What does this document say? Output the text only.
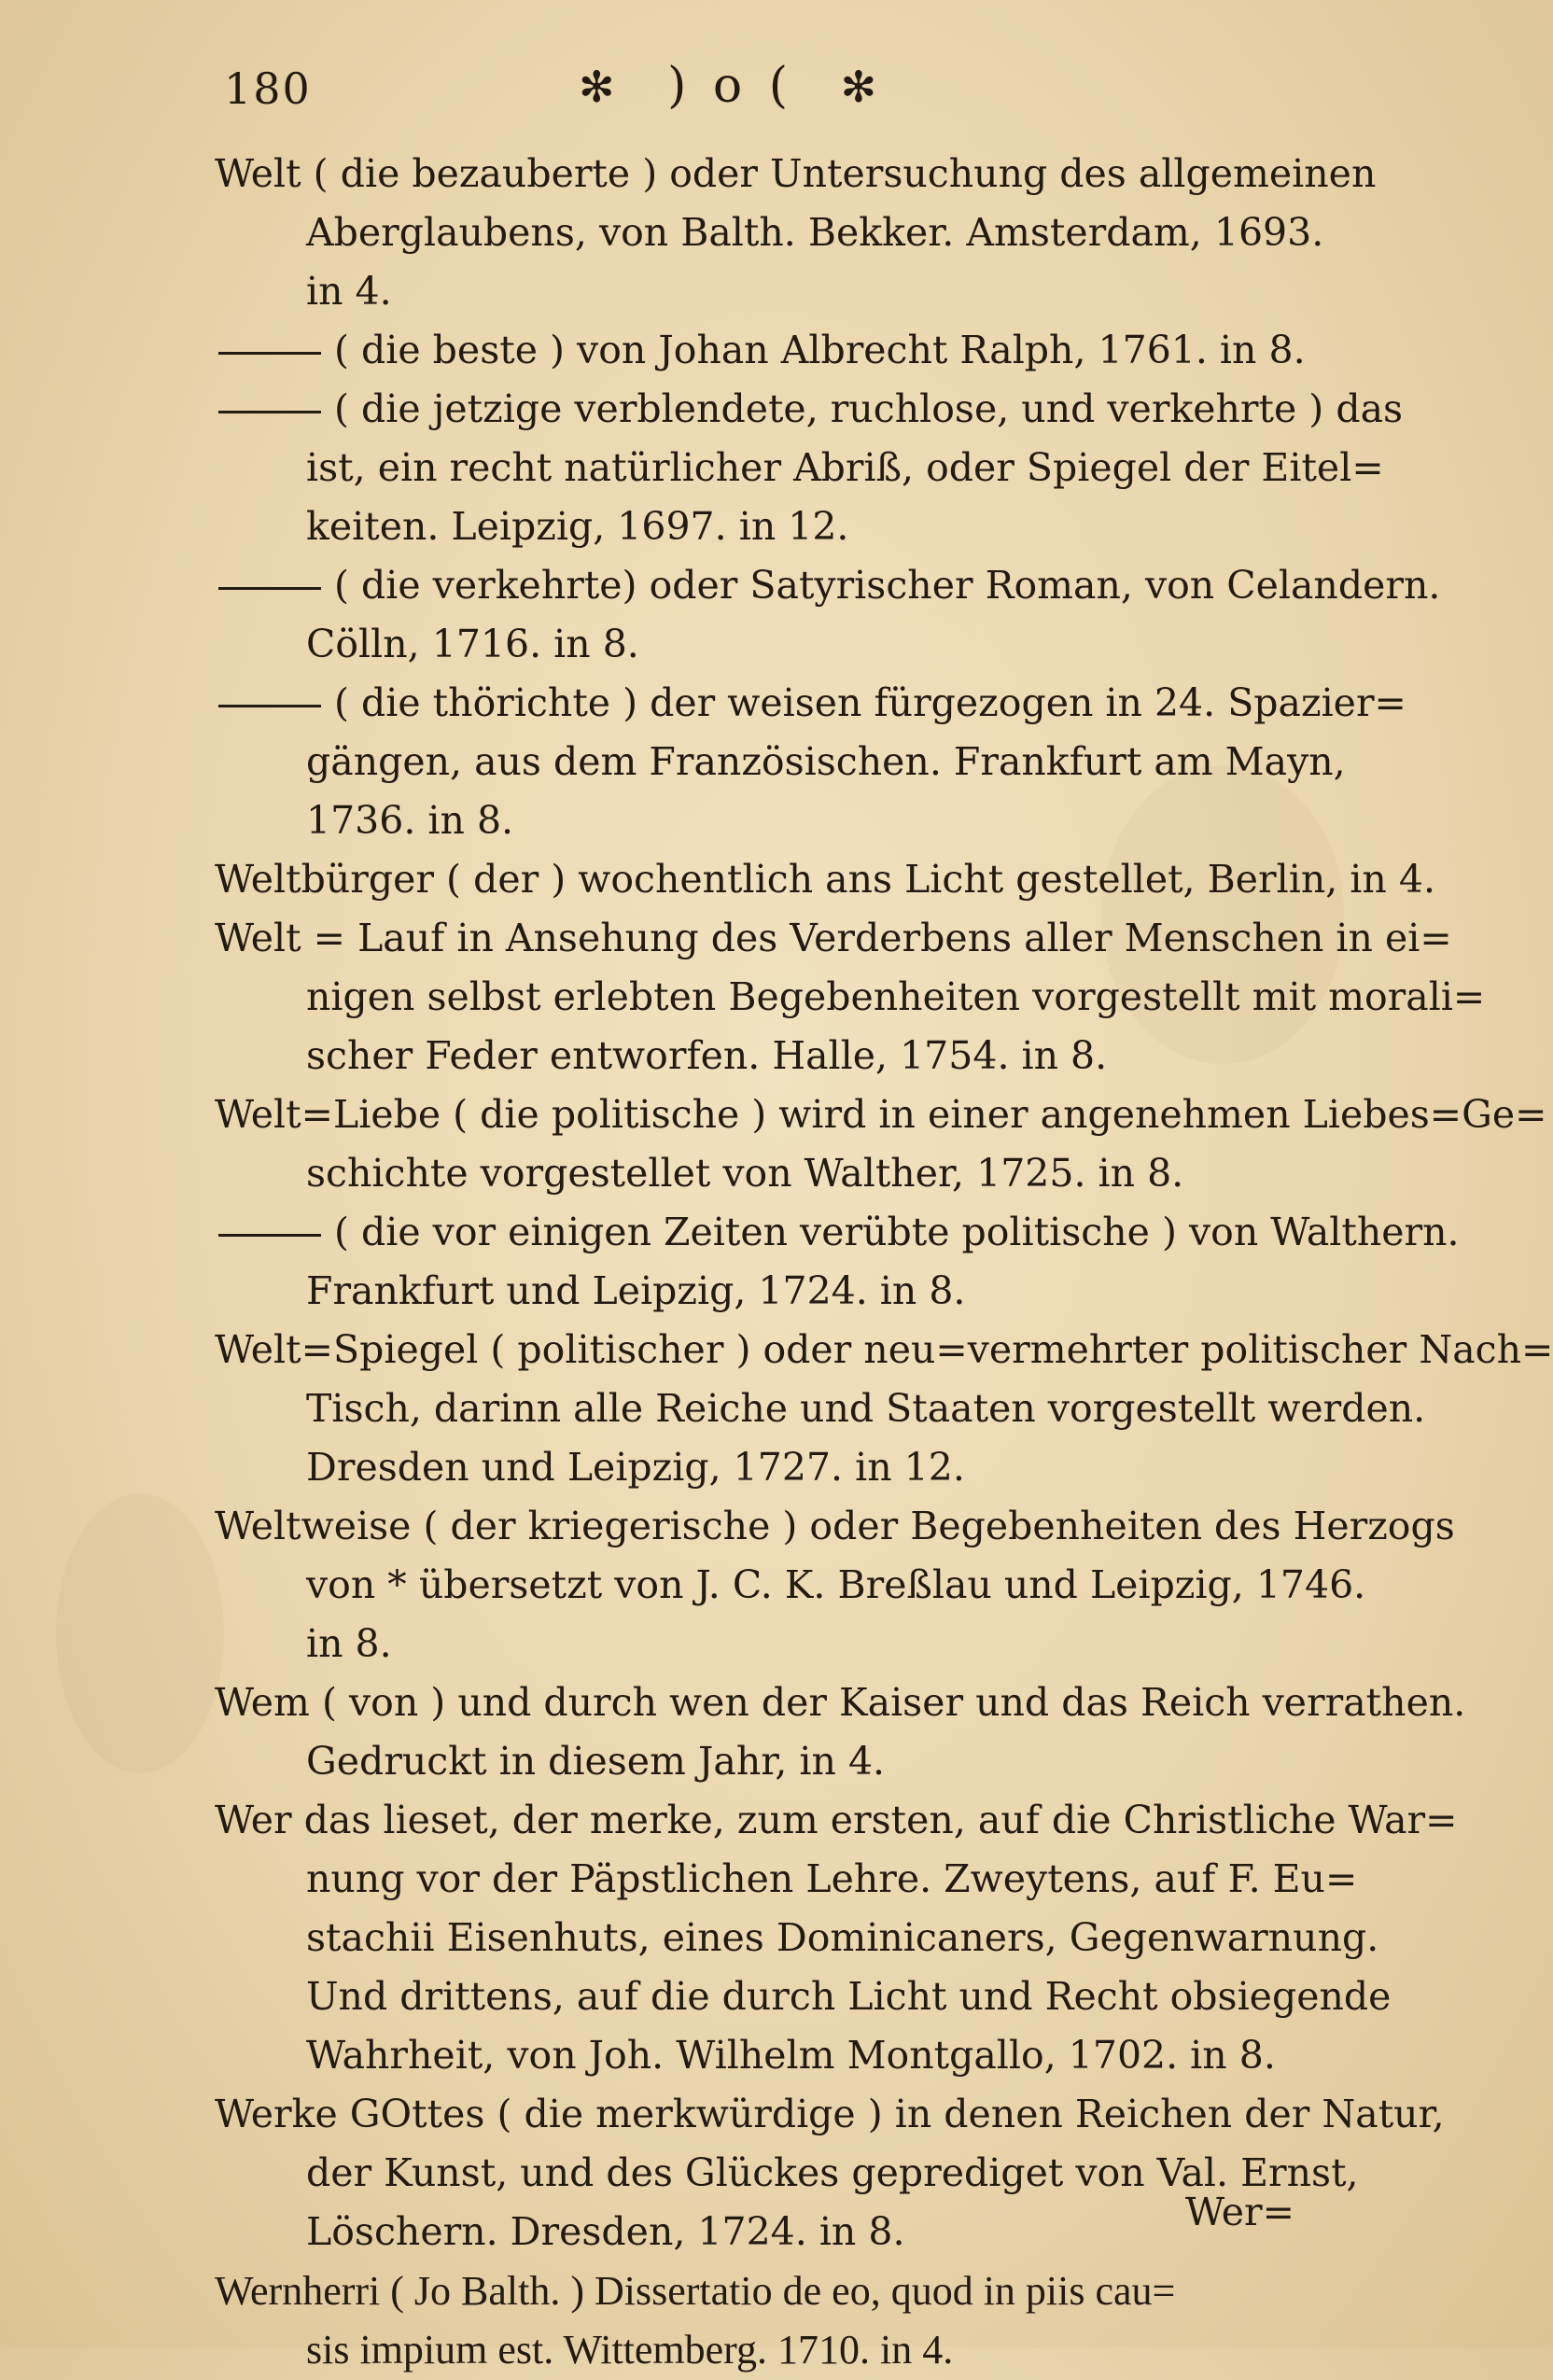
180	✻ ) o ( ✻
Welt ( die bezauberte ) oder Untersuchung des allgemeinen
Aberglaubens, von Balth. Bekker. Amsterdam, 1693.
in 4.
( die beste ) von Johan Albrecht Ralph, 1761. in 8.
( die jetzige verblendete, ruchlose, und verkehrte ) das
ist, ein recht natürlicher Abriß, oder Spiegel der Eitel=
keiten. Leipzig, 1697. in 12.
( die verkehrte) oder Satyrischer Roman, von Celandern.
Cölln, 1716. in 8.
( die thörichte ) der weisen fürgezogen in 24. Spazier=
gängen, aus dem Französischen. Frankfurt am Mayn,
1736. in 8.
Weltbürger ( der ) wochentlich ans Licht gestellet, Berlin, in 4.
Welt = Lauf in Ansehung des Verderbens aller Menschen in ei=
nigen selbst erlebten Begebenheiten vorgestellt mit morali=
scher Feder entworfen. Halle, 1754. in 8.
Welt=Liebe ( die politische ) wird in einer angenehmen Liebes=Ge=
schichte vorgestellet von Walther, 1725. in 8.
( die vor einigen Zeiten verübte politische ) von Walthern.
Frankfurt und Leipzig, 1724. in 8.
Welt=Spiegel ( politischer ) oder neu=vermehrter politischer Nach=
Tisch, darinn alle Reiche und Staaten vorgestellt werden.
Dresden und Leipzig, 1727. in 12.
Weltweise ( der kriegerische ) oder Begebenheiten des Herzogs
von * übersetzt von J. C. K. Breßlau und Leipzig, 1746.
in 8.
Wem ( von ) und durch wen der Kaiser und das Reich verrathen.
Gedruckt in diesem Jahr, in 4.
Wer das lieset, der merke, zum ersten, auf die Christliche War=
nung vor der Päpstlichen Lehre. Zweytens, auf F. Eu=
stachii Eisenhuts, eines Dominicaners, Gegenwarnung.
Und drittens, auf die durch Licht und Recht obsiegende
Wahrheit, von Joh. Wilhelm Montgallo, 1702. in 8.
Werke GOttes ( die merkwürdige ) in denen Reichen der Natur,
der Kunst, und des Glückes geprediget von Val. Ernst,
Löschern. Dresden, 1724. in 8.
Wernherri ( Jo Balth. ) Dissertatio de eo, quod in piis cau=
sis impium est. Wittemberg. 1710. in 4.
Wer=
